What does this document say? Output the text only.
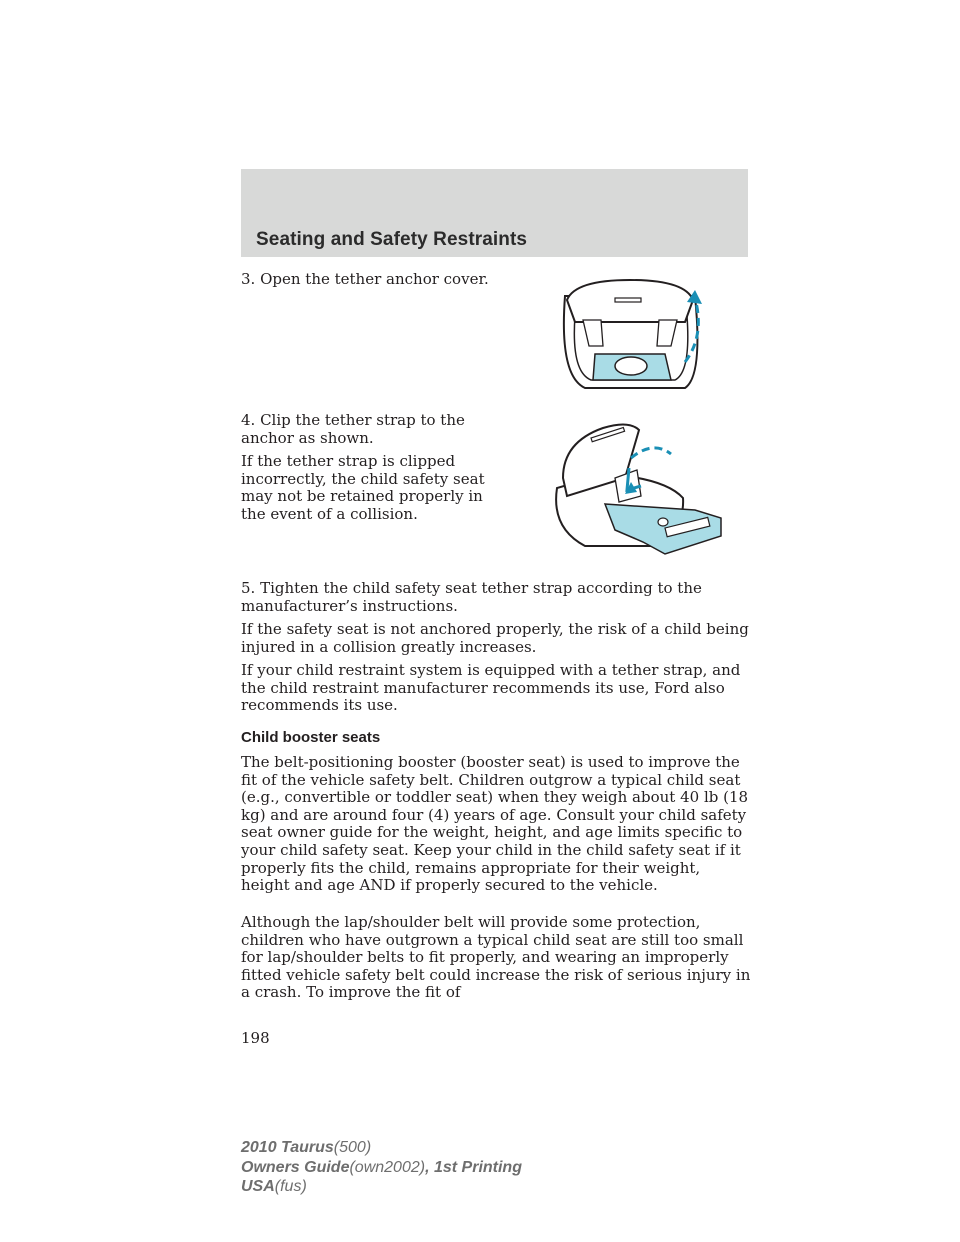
Seating and Safety Restraints

3. Open the tether anchor cover.

4. Clip the tether strap to the anchor as shown.

If the tether strap is clipped incorrectly, the child safety seat may not be retained properly in the event of a collision.

5. Tighten the child safety seat tether strap according to the manufacturer’s instructions.

If the safety seat is not anchored properly, the risk of a child being injured in a collision greatly increases.

If your child restraint system is equipped with a tether strap, and the child restraint manufacturer recommends its use, Ford also recommends its use.

Child booster seats

The belt-positioning booster (booster seat) is used to improve the fit of the vehicle safety belt. Children outgrow a typical child seat (e.g., convertible or toddler seat) when they weigh about 40 lb (18 kg) and are around four (4) years of age. Consult your child safety seat owner guide for the weight, height, and age limits specific to your child safety seat. Keep your child in the child safety seat if it properly fits the child, remains appropriate for their weight, height and age AND if properly secured to the vehicle.

Although the lap/shoulder belt will provide some protection, children who have outgrown a typical child seat are still too small for lap/shoulder belts to fit properly, and wearing an improperly fitted vehicle safety belt could increase the risk of serious injury in a crash. To improve the fit of

198

2010 Taurus(500)
Owners Guide(own2002), 1st Printing
USA(fus)
